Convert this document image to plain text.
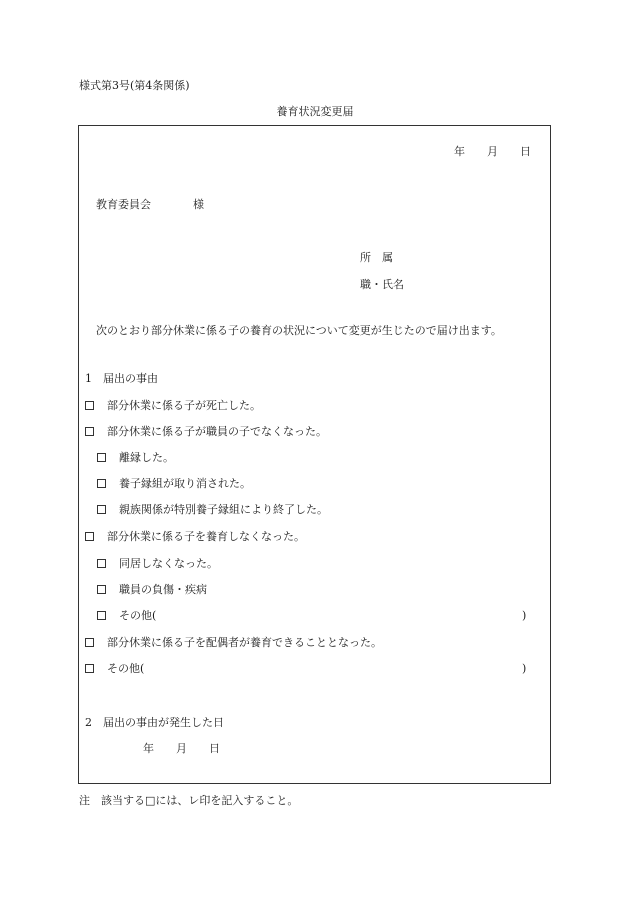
様式第3号(第4条関係)
養育状況変更届
年 月 日
教育委員会	様
所　属
職・氏名
次のとおり部分休業に係る子の養育の状況について変更が生じたので届け出ます。
1　届出の事由
部分休業に係る子が死亡した。
部分休業に係る子が職員の子でなくなった。
離縁した。
養子縁組が取り消された。
親族関係が特別養子縁組により終了した。
部分休業に係る子を養育しなくなった。
同居しなくなった。
職員の負傷・疾病
その他(	)
部分休業に係る子を配偶者が養育できることとなった。
その他(	)
2　届出の事由が発生した日
年 月 日
注　該当する□には、レ印を記入すること。
